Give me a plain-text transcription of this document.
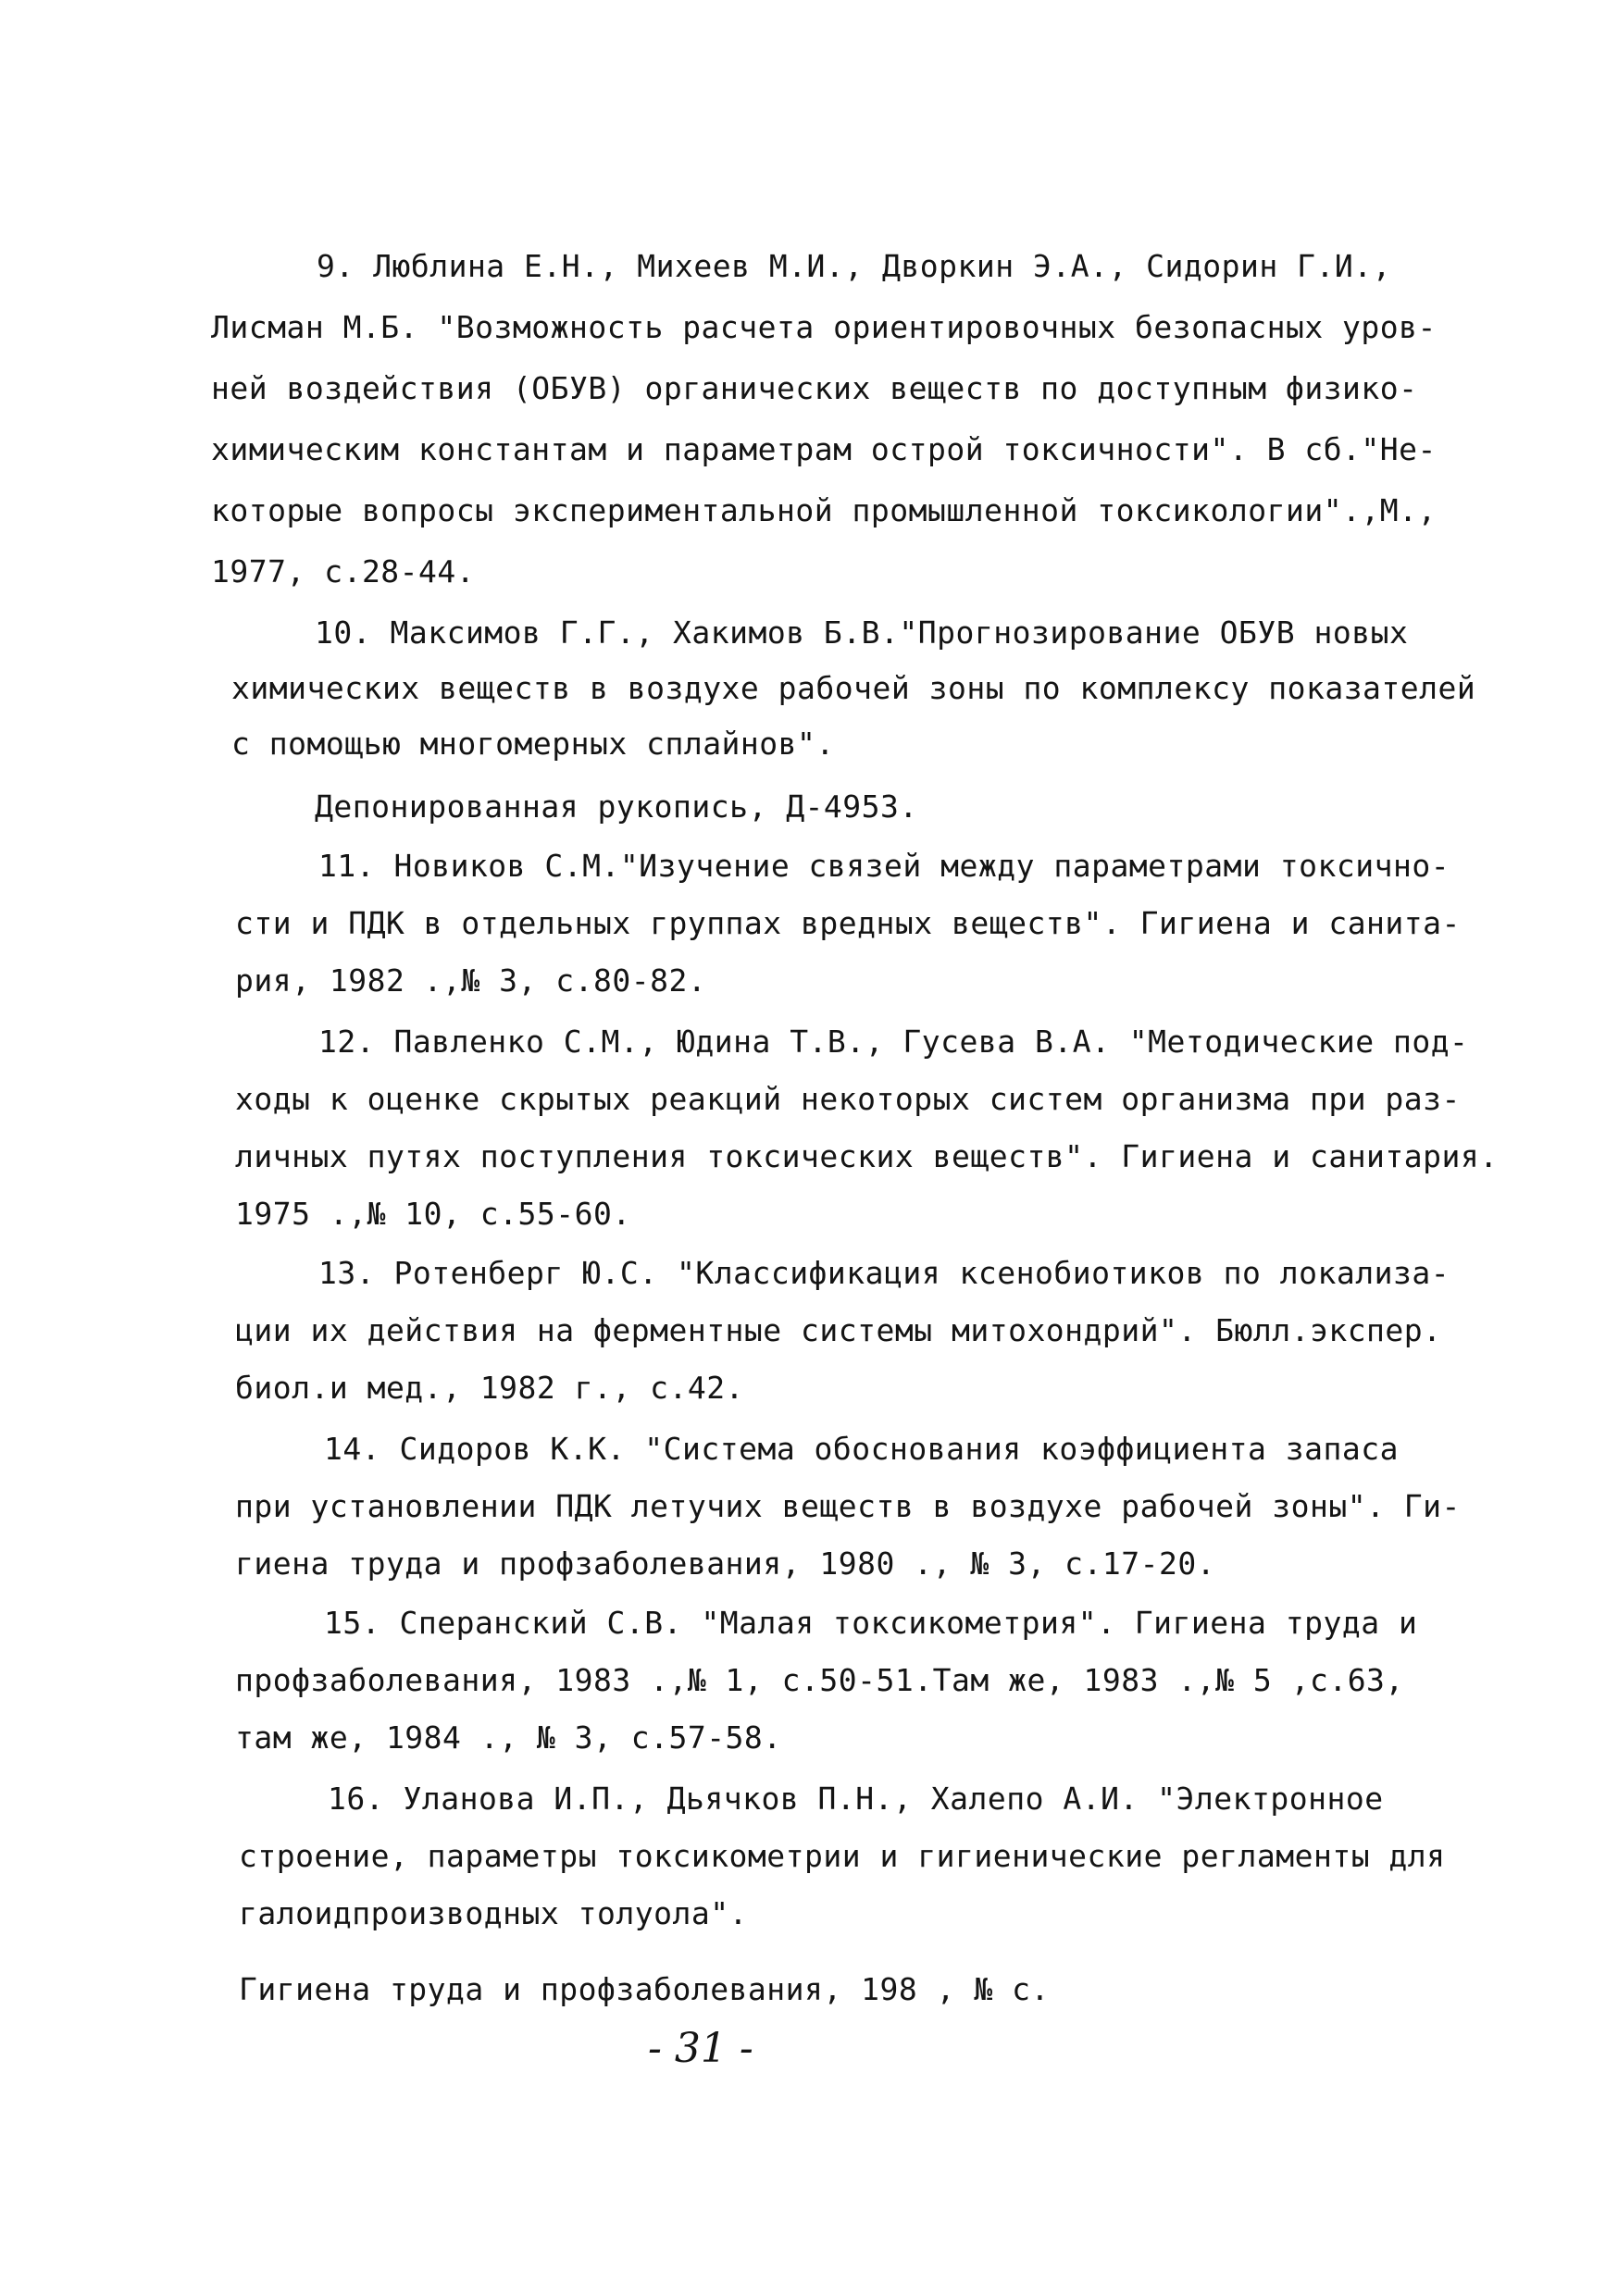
9. Люблина Е.Н., Михеев М.И., Дворкин Э.А., Сидорин Г.И.,
Лисман М.Б. "Возможность расчета ориентировочных безопасных уров-
ней воздействия (ОБУВ) органических веществ по доступным физико-
химическим константам и параметрам острой токсичности". В сб."Не-
которые вопросы экспериментальной промышленной токсикологии".,М.,
1977, с.28-44.
10. Максимов Г.Г., Хакимов Б.В."Прогнозирование ОБУВ новых
химических веществ в воздухе рабочей зоны по комплексу показателей
с помощью многомерных сплайнов".
Депонированная рукопись, Д-4953.
11. Новиков С.М."Изучение связей между параметрами токсично-
сти и ПДК в отдельных группах вредных веществ". Гигиена и санита-
рия, 1982 .,№ 3, с.80-82.
12. Павленко С.М., Юдина Т.В., Гусева В.А. "Методические под-
ходы к оценке скрытых реакций некоторых систем организма при раз-
личных путях поступления токсических веществ". Гигиена и санитария.
1975 .,№ 10, с.55-60.
13. Ротенберг Ю.С. "Классификация ксенобиотиков по локализа-
ции их действия на ферментные системы митохондрий". Бюлл.экспер.
биол.и мед., 1982 г., с.42.
14. Сидоров К.К. "Система обоснования коэффициента запаса
при установлении ПДК летучих веществ в воздухе рабочей зоны". Ги-
гиена труда и профзаболевания, 1980 ., № 3, с.17-20.
15. Сперанский С.В. "Малая токсикометрия". Гигиена труда и
профзаболевания, 1983 .,№ 1, с.50-51.Там же, 1983 .,№ 5 ,с.63,
там же, 1984 ., № 3, с.57-58.
16. Уланова И.П., Дьячков П.Н., Халепо А.И. "Электронное
строение, параметры токсикометрии и гигиенические регламенты для
галоидпроизводных толуола".
Гигиена труда и профзаболевания, 198 , № с.
- 31 -
